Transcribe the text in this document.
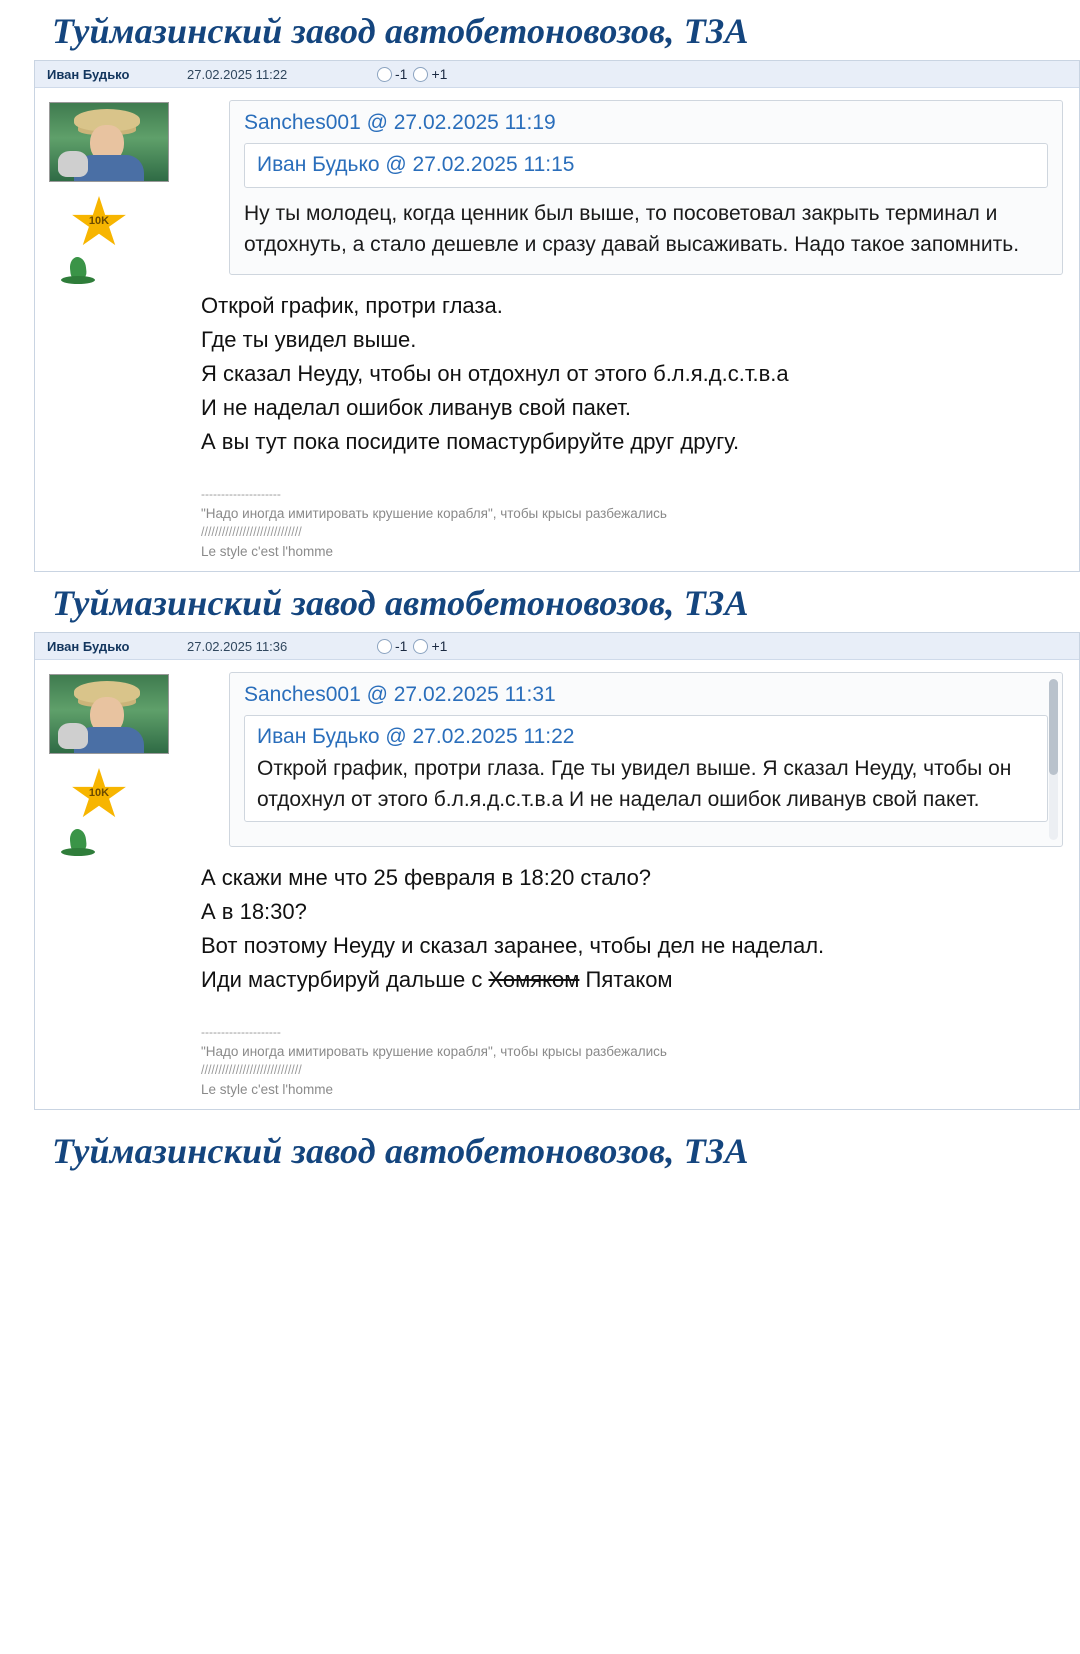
Туймазинский завод автобетоновозов, ТЗА
Иван Будько	27.02.2025 11:22	-1 +1
10K
Sanches001 @ 27.02.2025 11:19
Иван Будько @ 27.02.2025 11:15
Ну ты молодец, когда ценник был выше, то посоветовал закрыть терминал и отдохнуть, а стало дешевле и сразу давай высаживать. Надо такое запомнить.
Открой график, протри глаза.
Где ты увидел выше.
Я сказал Неуду, чтобы он отдохнул от этого б.л.я.д.с.т.в.а
И не наделал ошибок ливанув свой пакет.
А вы тут пока посидите помастурбируйте друг другу.
--------------------
"Надо иногда имитировать крушение корабля", чтобы крысы разбежались
/////////////////////////////
Le style c'est l'homme
Туймазинский завод автобетоновозов, ТЗА
Иван Будько	27.02.2025 11:36	-1 +1
10K
Sanches001 @ 27.02.2025 11:31
Иван Будько @ 27.02.2025 11:22
Открой график, протри глаза. Где ты увидел выше. Я сказал Неуду, чтобы он отдохнул от этого б.л.я.д.с.т.в.а И не наделал ошибок ливанув свой пакет.
А скажи мне что 25 февраля в 18:20 стало?
А в 18:30?
Вот поэтому Неуду и сказал заранее, чтобы дел не наделал.
Иди мастурбируй дальше с Хомяком Пятаком
--------------------
"Надо иногда имитировать крушение корабля", чтобы крысы разбежались
/////////////////////////////
Le style c'est l'homme
Туймазинский завод автобетоновозов, ТЗА
